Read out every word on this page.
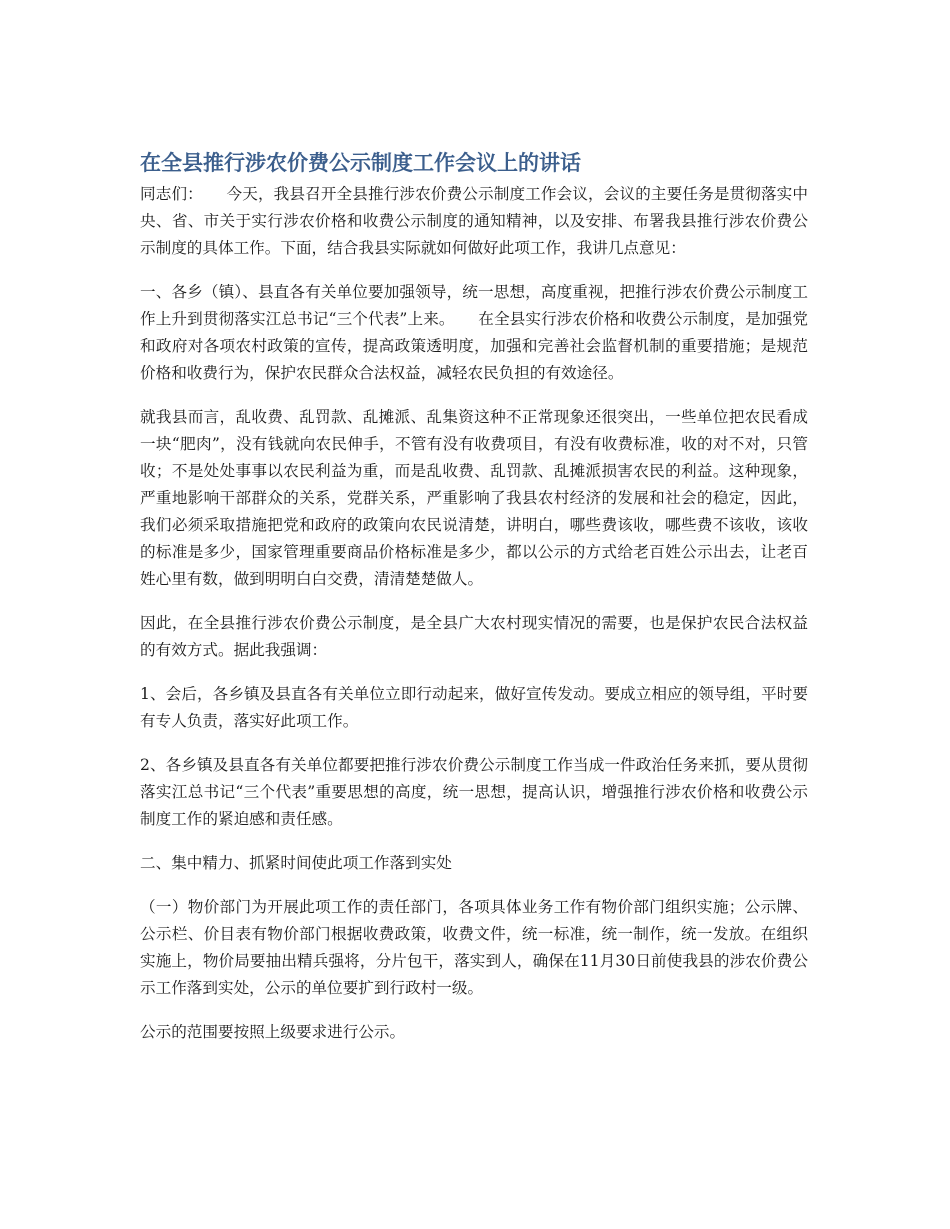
在全县推行涉农价费公示制度工作会议上的讲话

同志们：　　今天，我县召开全县推行涉农价费公示制度工作会议，会议的主要任务是贯彻落实中央、省、市关于实行涉农价格和收费公示制度的通知精神，以及安排、布署我县推行涉农价费公示制度的具体工作。下面，结合我县实际就如何做好此项工作，我讲几点意见：

一、各乡（镇）、县直各有关单位要加强领导，统一思想，高度重视，把推行涉农价费公示制度工作上升到贯彻落实江总书记“三个代表”上来。　　在全县实行涉农价格和收费公示制度，是加强党和政府对各项农村政策的宣传，提高政策透明度，加强和完善社会监督机制的重要措施；是规范价格和收费行为，保护农民群众合法权益，减轻农民负担的有效途径。

就我县而言，乱收费、乱罚款、乱摊派、乱集资这种不正常现象还很突出，一些单位把农民看成一块“肥肉”，没有钱就向农民伸手，不管有没有收费项目，有没有收费标准，收的对不对，只管收；不是处处事事以农民利益为重，而是乱收费、乱罚款、乱摊派损害农民的利益。这种现象，严重地影响干部群众的关系，党群关系，严重影响了我县农村经济的发展和社会的稳定，因此，我们必须采取措施把党和政府的政策向农民说清楚，讲明白，哪些费该收，哪些费不该收，该收的标准是多少，国家管理重要商品价格标准是多少，都以公示的方式给老百姓公示出去，让老百姓心里有数，做到明明白白交费，清清楚楚做人。

因此，在全县推行涉农价费公示制度，是全县广大农村现实情况的需要，也是保护农民合法权益的有效方式。据此我强调：

1、会后，各乡镇及县直各有关单位立即行动起来，做好宣传发动。要成立相应的领导组，平时要有专人负责，落实好此项工作。

2、各乡镇及县直各有关单位都要把推行涉农价费公示制度工作当成一件政治任务来抓，要从贯彻落实江总书记“三个代表”重要思想的高度，统一思想，提高认识，增强推行涉农价格和收费公示制度工作的紧迫感和责任感。

二、集中精力、抓紧时间使此项工作落到实处

（一）物价部门为开展此项工作的责任部门，各项具体业务工作有物价部门组织实施；公示牌、公示栏、价目表有物价部门根据收费政策，收费文件，统一标准，统一制作，统一发放。在组织实施上，物价局要抽出精兵强将，分片包干，落实到人，确保在11月30日前使我县的涉农价费公示工作落到实处，公示的单位要扩到行政村一级。

公示的范围要按照上级要求进行公示。
